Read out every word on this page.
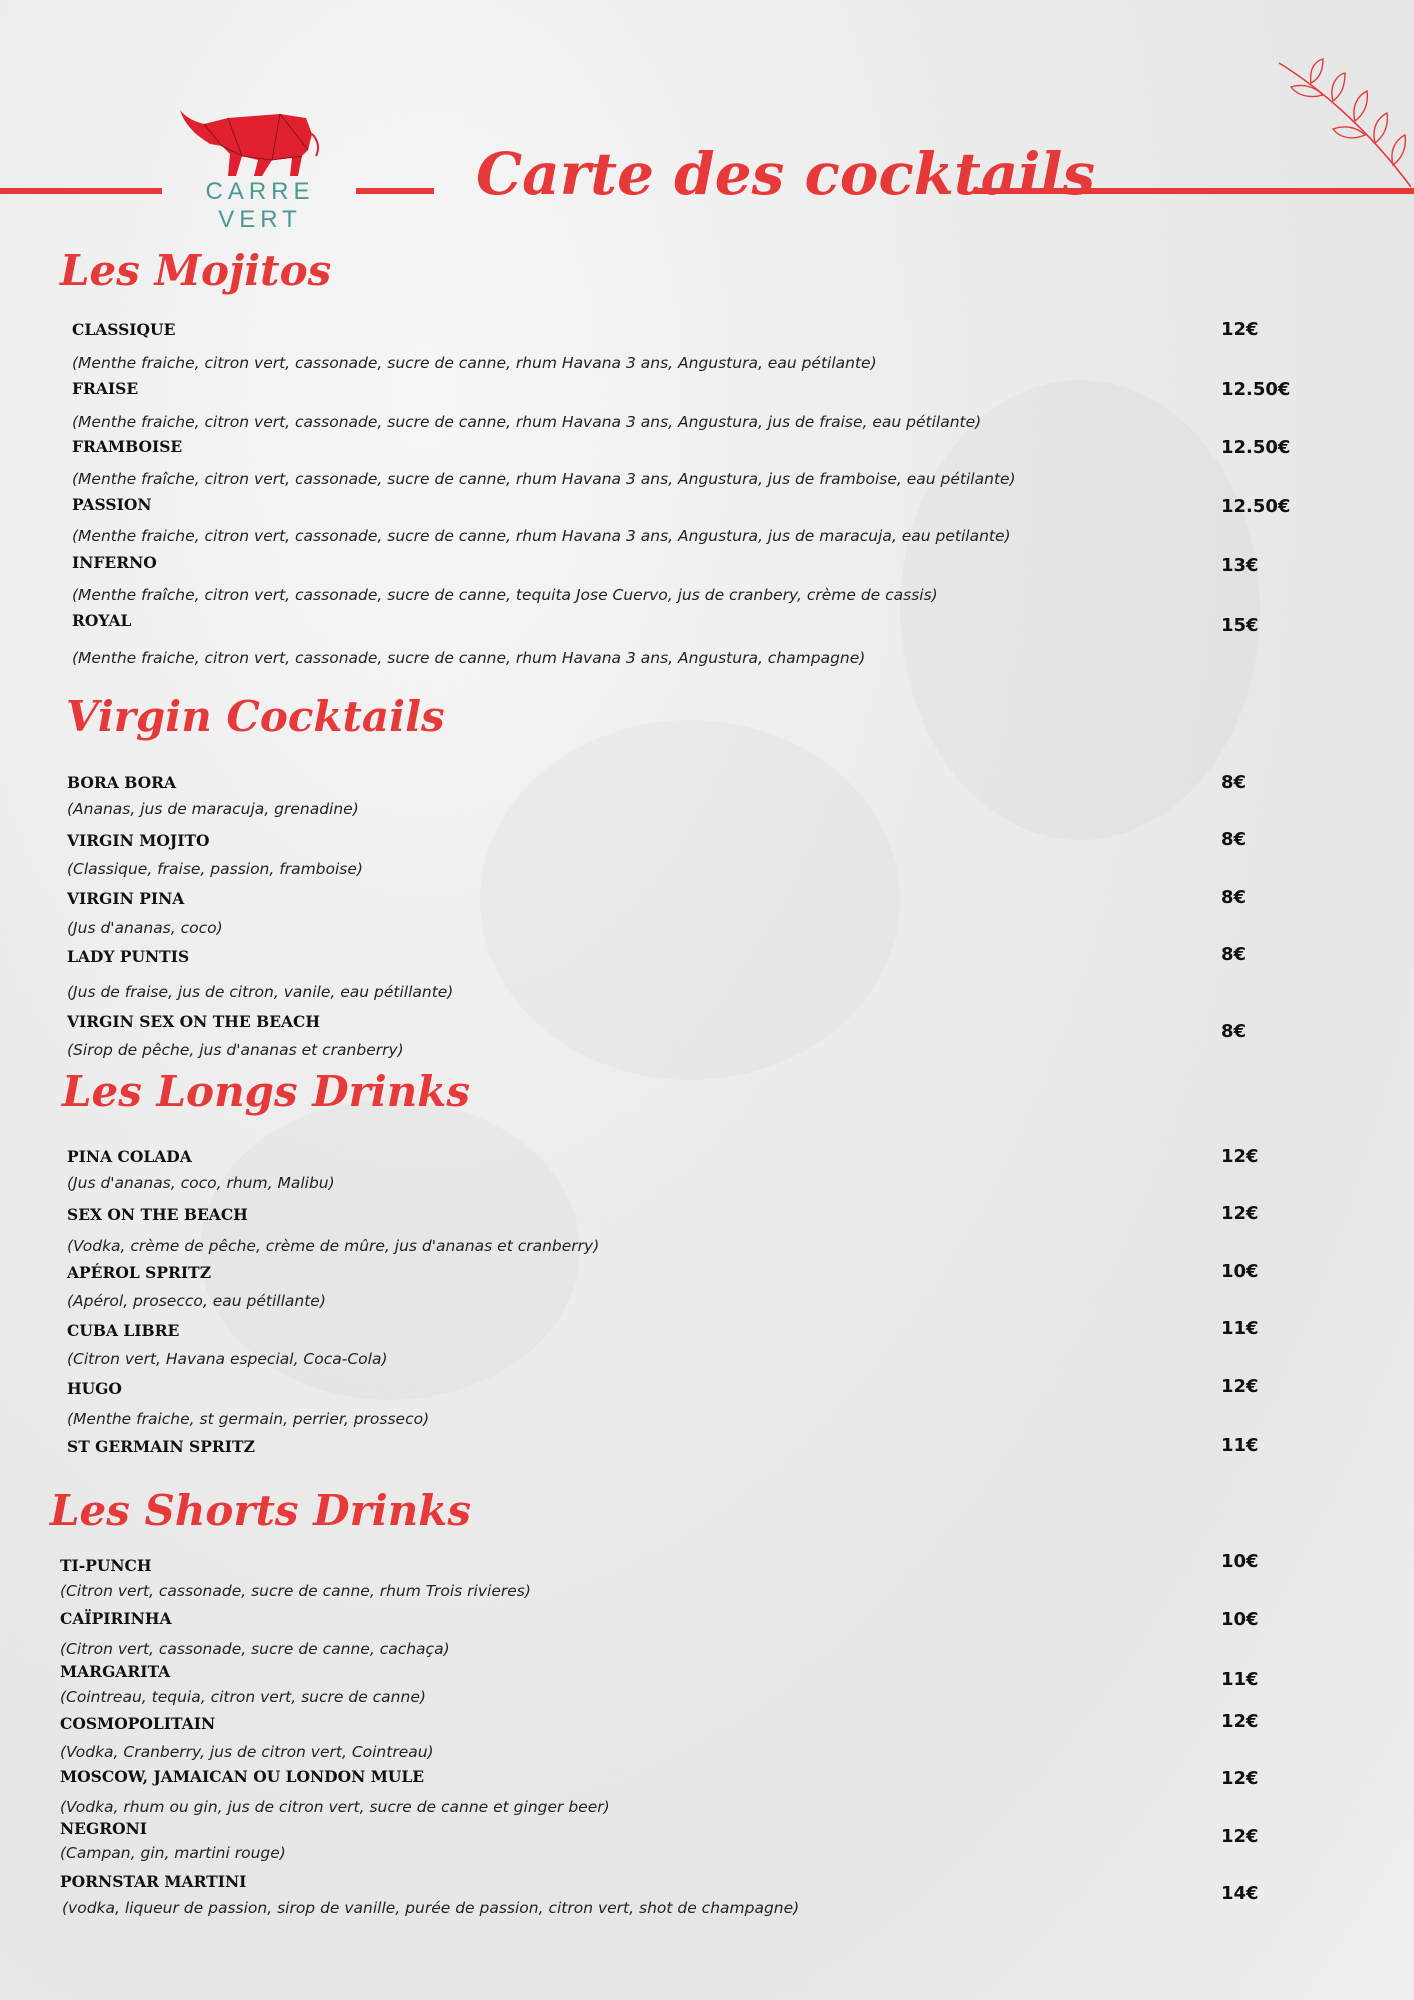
CARRE VERT
Carte des cocktails
Les Mojitos
CLASSIQUE
(Menthe fraiche, citron vert, cassonade, sucre de canne, rhum Havana 3 ans, Angustura, eau pétilante)
12€
FRAISE
(Menthe fraiche, citron vert, cassonade, sucre de canne, rhum Havana 3 ans, Angustura, jus de fraise, eau pétilante)
12.50€
FRAMBOISE
(Menthe fraîche, citron vert, cassonade, sucre de canne, rhum Havana 3 ans, Angustura, jus de framboise, eau pétilante)
12.50€
PASSION
(Menthe fraiche, citron vert, cassonade, sucre de canne, rhum Havana 3 ans, Angustura, jus de maracuja, eau petilante)
12.50€
INFERNO
(Menthe fraîche, citron vert, cassonade, sucre de canne, tequita Jose Cuervo, jus de cranbery, crème de cassis)
13€
ROYAL
(Menthe fraiche, citron vert, cassonade, sucre de canne, rhum Havana 3 ans, Angustura, champagne)
15€
Virgin Cocktails
BORA BORA
(Ananas, jus de maracuja, grenadine)
8€
VIRGIN MOJITO
(Classique, fraise, passion, framboise)
8€
VIRGIN PINA
(Jus d'ananas, coco)
8€
LADY PUNTIS
(Jus de fraise, jus de citron, vanile, eau pétillante)
8€
VIRGIN SEX ON THE BEACH
(Sirop de pêche, jus d'ananas et cranberry)
8€
Les Longs Drinks
PINA COLADA
(Jus d'ananas, coco, rhum, Malibu)
12€
SEX ON THE BEACH
(Vodka, crème de pêche, crème de mûre, jus d'ananas et cranberry)
12€
APÉROL SPRITZ
(Apérol, prosecco, eau pétillante)
10€
CUBA LIBRE
(Citron vert, Havana especial, Coca-Cola)
11€
HUGO
(Menthe fraiche, st germain, perrier, prosseco)
12€
ST GERMAIN SPRITZ	11€
Les Shorts Drinks
TI-PUNCH
(Citron vert, cassonade, sucre de canne, rhum Trois rivieres)
10€
CAÏPIRINHA
(Citron vert, cassonade, sucre de canne, cachaça)
10€
MARGARITA
(Cointreau, tequia, citron vert, sucre de canne)
11€
COSMOPOLITAIN
(Vodka, Cranberry, jus de citron vert, Cointreau)
12€
MOSCOW, JAMAICAN OU LONDON MULE
(Vodka, rhum ou gin, jus de citron vert, sucre de canne et ginger beer)
12€
NEGRONI
(Campan, gin, martini rouge)
12€
PORNSTAR MARTINI
(vodka, liqueur de passion, sirop de vanille, purée de passion, citron vert, shot de champagne)
14€
